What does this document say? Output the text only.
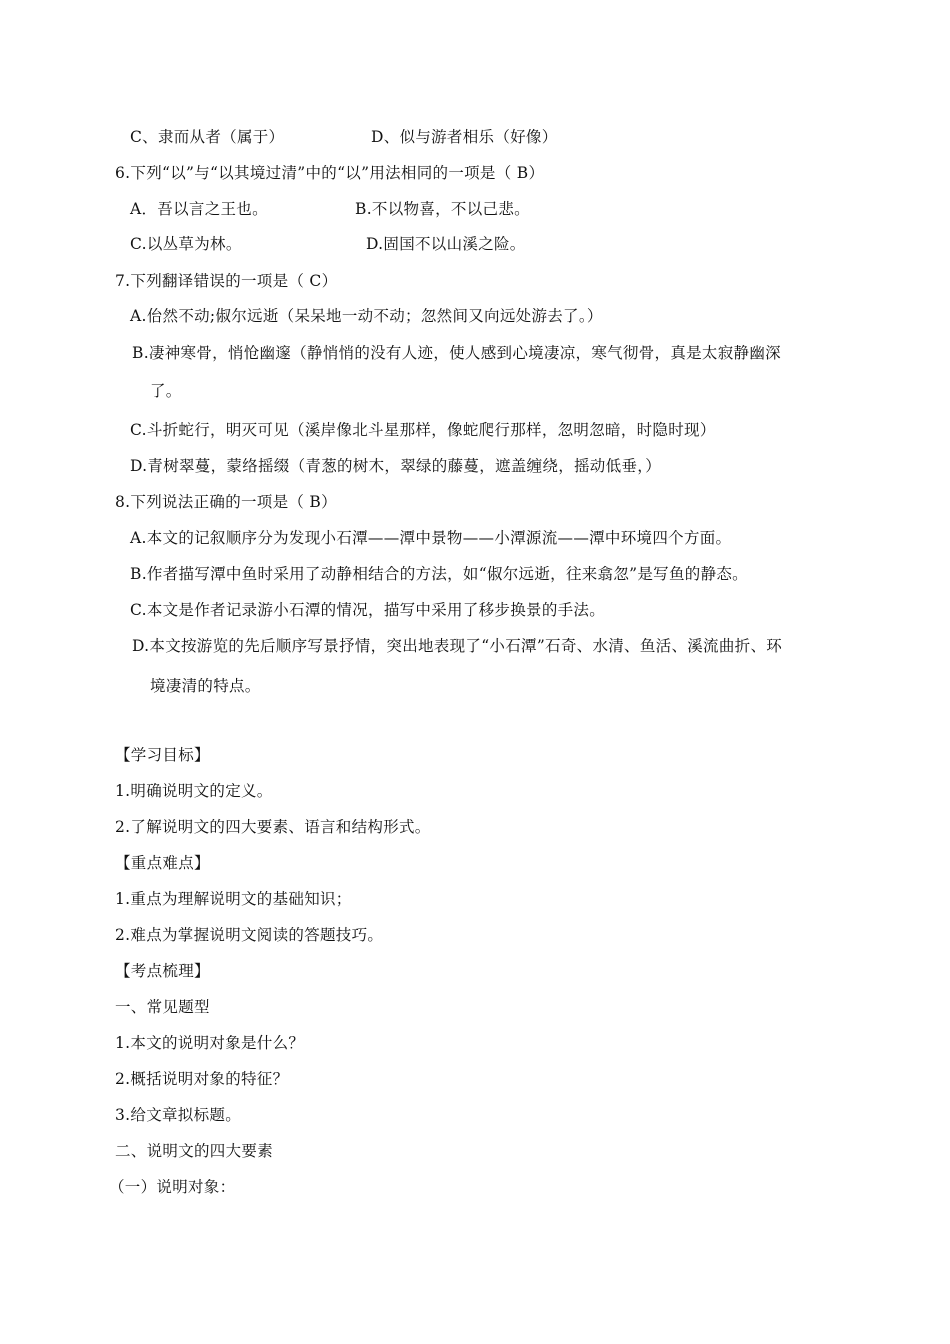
C、隶而从者（属于）	D、似与游者相乐（好像）
6.下列“以”与“以其境过清”中的“以”用法相同的一项是（ B）
A．吾以言之王也。	B.不以物喜，不以己悲。
C.以丛草为林。	D.固国不以山溪之险。
7.下列翻译错误的一项是（ C）
A.佁然不动;俶尔远逝（呆呆地一动不动；忽然间又向远处游去了。）
B.凄神寒骨，悄怆幽邃（静悄悄的没有人迹，使人感到心境凄凉，寒气彻骨，真是太寂静幽深
了。
C.斗折蛇行，明灭可见（溪岸像北斗星那样，像蛇爬行那样，忽明忽暗，时隐时现）
D.青树翠蔓，蒙络摇缀（青葱的树木，翠绿的藤蔓，遮盖缠绕，摇动低垂，）
8.下列说法正确的一项是（ B）
A.本文的记叙顺序分为发现小石潭——潭中景物——小潭源流——潭中环境四个方面。
B.作者描写潭中鱼时采用了动静相结合的方法，如“俶尔远逝，往来翕忽”是写鱼的静态。
C.本文是作者记录游小石潭的情况，描写中采用了移步换景的手法。
D.本文按游览的先后顺序写景抒情，突出地表现了“小石潭”石奇、水清、鱼活、溪流曲折、环
境凄清的特点。
【学习目标】
1.明确说明文的定义。
2.了解说明文的四大要素、语言和结构形式。
【重点难点】
1.重点为理解说明文的基础知识；
2.难点为掌握说明文阅读的答题技巧。
【考点梳理】
一、常见题型
1.本文的说明对象是什么？
2.概括说明对象的特征？
3.给文章拟标题。
二、说明文的四大要素
（一）说明对象：
